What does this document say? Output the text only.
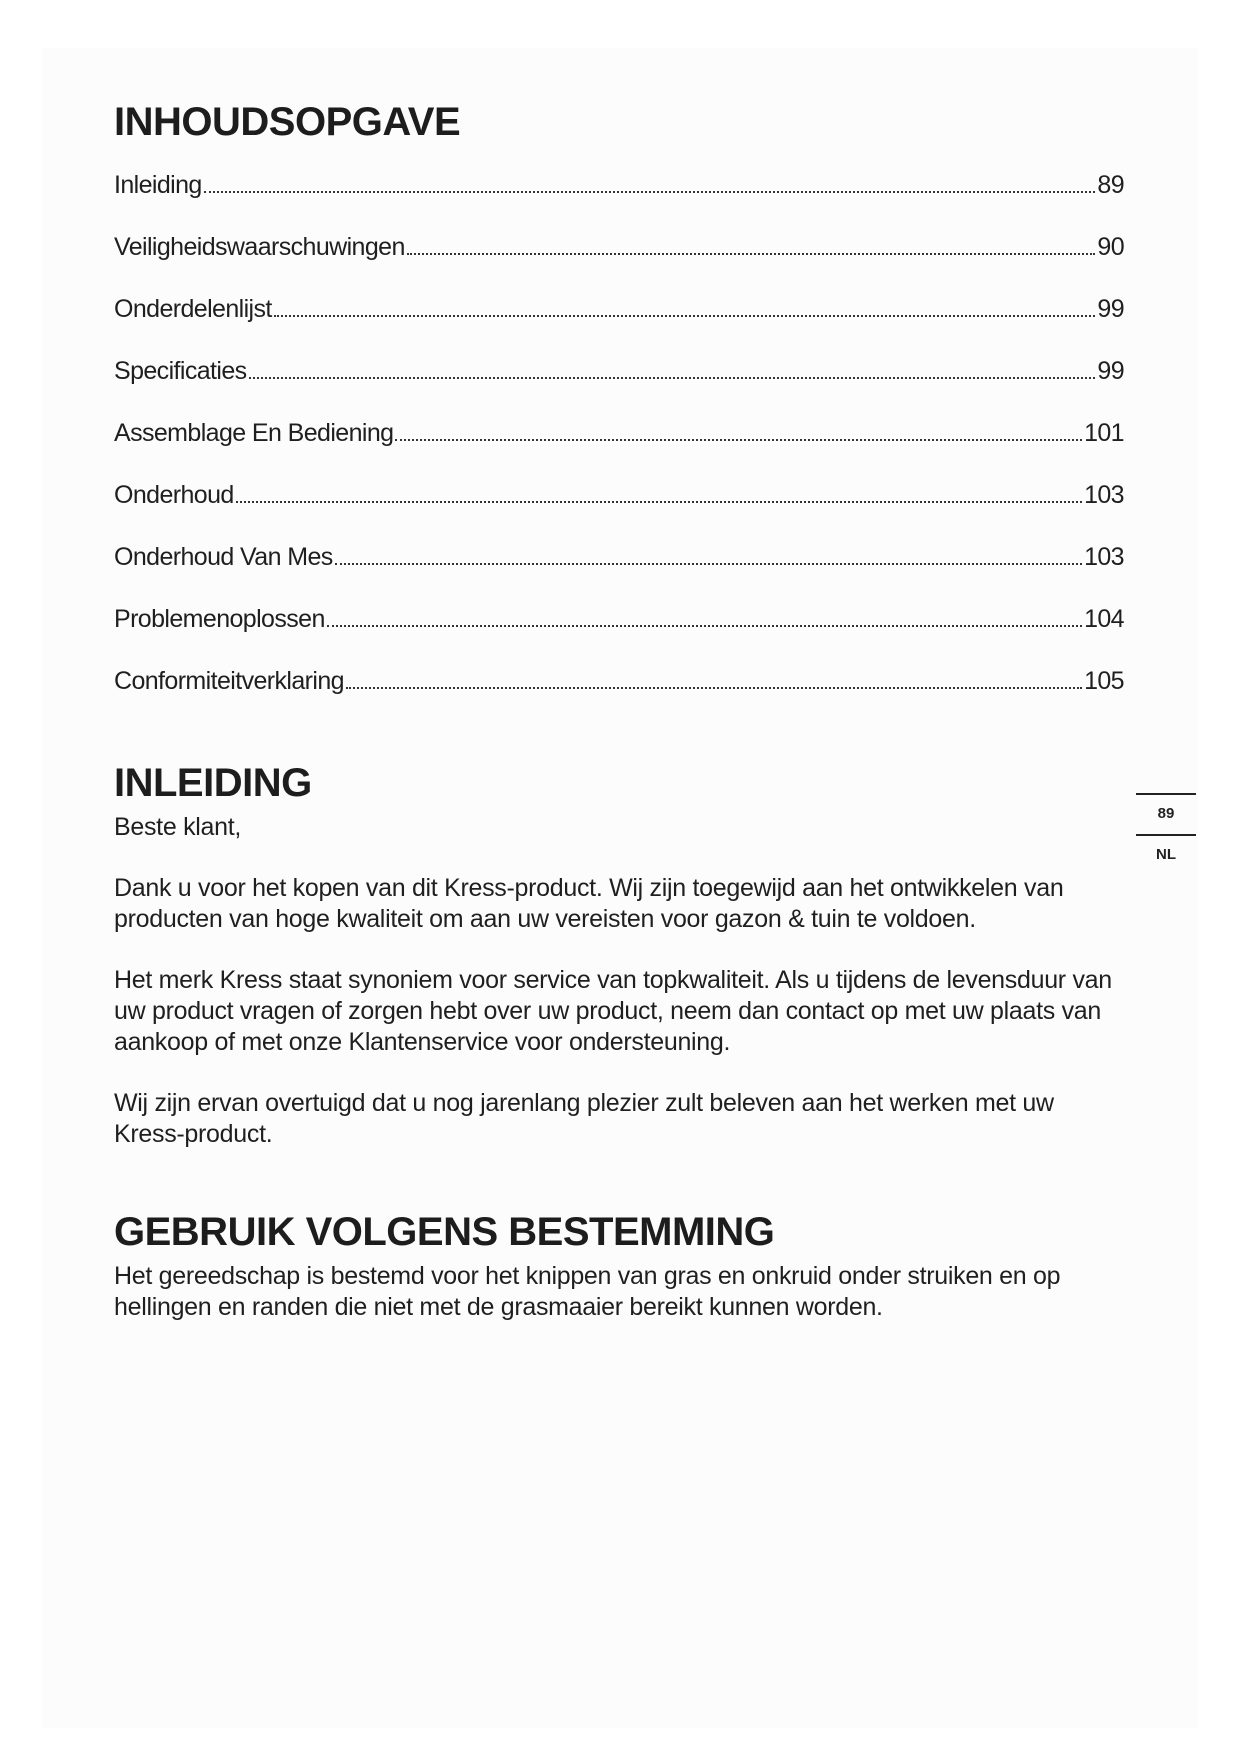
INHOUDSOPGAVE
Inleiding	89
Veiligheidswaarschuwingen	90
Onderdelenlijst	99
Specificaties	99
Assemblage En Bediening	101
Onderhoud	103
Onderhoud Van Mes	103
Problemenoplossen	104
Conformiteitverklaring	105
INLEIDING

Beste klant,

Dank u voor het kopen van dit Kress-product. Wij zijn toegewijd aan het ontwikkelen van producten van hoge kwaliteit om aan uw vereisten voor gazon & tuin te voldoen.

Het merk Kress staat synoniem voor service van topkwaliteit. Als u tijdens de levensduur van uw product vragen of zorgen hebt over uw product, neem dan contact op met uw plaats van aankoop of met onze Klantenservice voor ondersteuning.

Wij zijn ervan overtuigd dat u nog jarenlang plezier zult beleven aan het werken met uw Kress-product.

GEBRUIK VOLGENS BESTEMMING

Het gereedschap is bestemd voor het knippen van gras en onkruid onder struiken en op hellingen en randen die niet met de grasmaaier bereikt kunnen worden.

89
NL
